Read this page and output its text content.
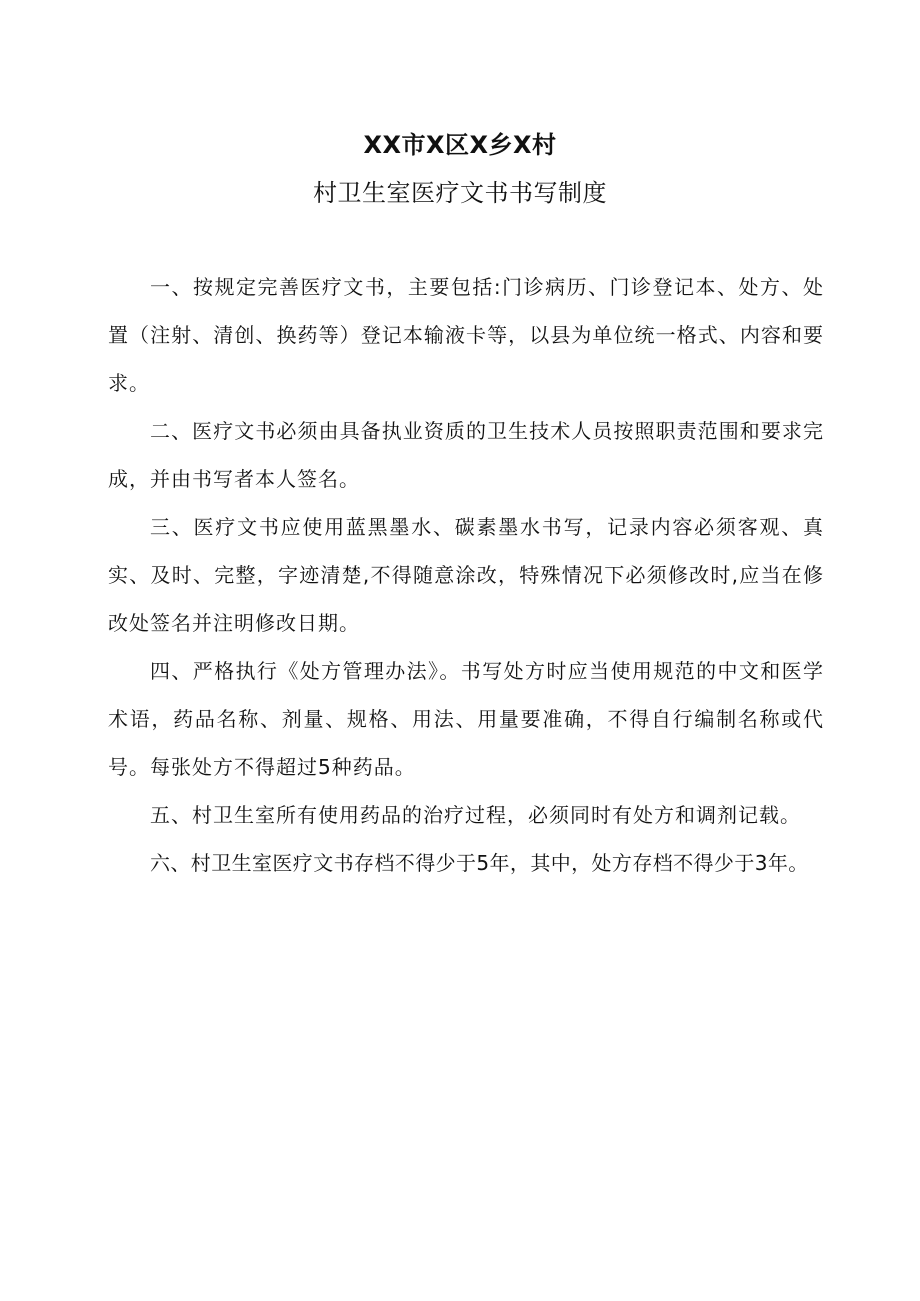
XX市X区X乡X村
村卫生室医疗文书书写制度

一、按规定完善医疗文书，主要包括:门诊病历、门诊登记本、处方、处置（注射、清创、换药等）登记本输液卡等，以县为单位统一格式、内容和要求。

二、医疗文书必须由具备执业资质的卫生技术人员按照职责范围和要求完成，并由书写者本人签名。

三、医疗文书应使用蓝黑墨水、碳素墨水书写，记录内容必须客观、真实、及时、完整，字迹清楚,不得随意涂改，特殊情况下必须修改时,应当在修改处签名并注明修改日期。

四、严格执行《处方管理办法》。书写处方时应当使用规范的中文和医学术语，药品名称、剂量、规格、用法、用量要准确，不得自行编制名称或代号。每张处方不得超过5种药品。

五、村卫生室所有使用药品的治疗过程，必须同时有处方和调剂记载。

六、村卫生室医疗文书存档不得少于5年，其中，处方存档不得少于3年。
